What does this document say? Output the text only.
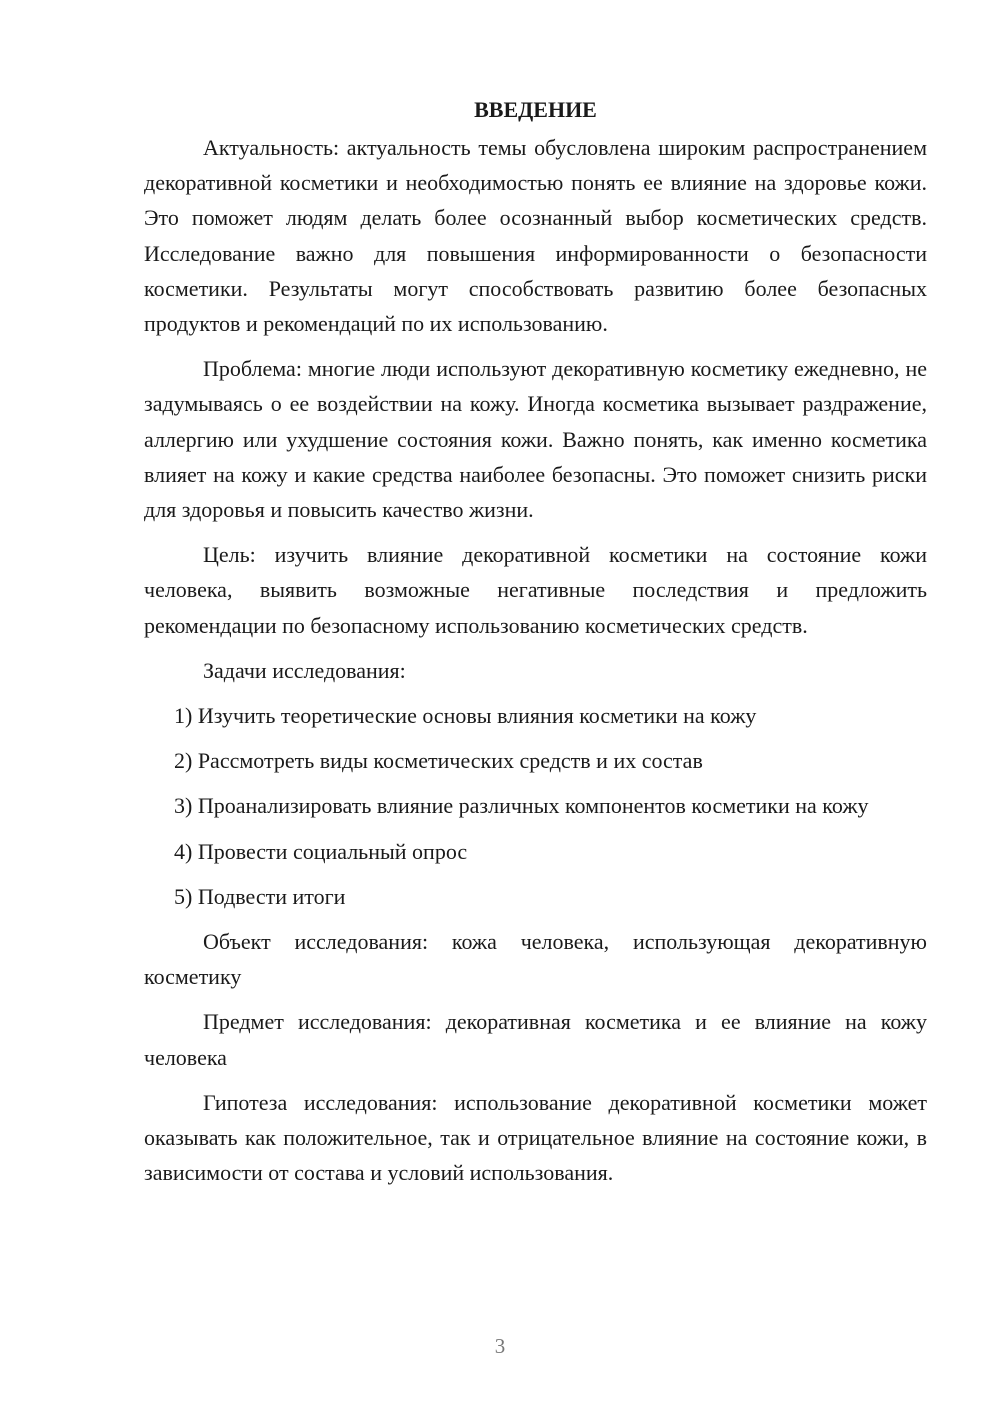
ВВЕДЕНИЕ

Актуальность: актуальность темы обусловлена широким распространением декоративной косметики и необходимостью понять ее влияние на здоровье кожи. Это поможет людям делать более осознанный выбор косметических средств. Исследование важно для повышения информированности о безопасности косметики. Результаты могут способствовать развитию более безопасных продуктов и рекомендаций по их использованию.

Проблема: многие люди используют декоративную косметику ежедневно, не задумываясь о ее воздействии на кожу. Иногда косметика вызывает раздражение, аллергию или ухудшение состояния кожи. Важно понять, как именно косметика влияет на кожу и какие средства наиболее безопасны. Это поможет снизить риски для здоровья и повысить качество жизни.

Цель: изучить влияние декоративной косметики на состояние кожи человека, выявить возможные негативные последствия и предложить рекомендации по безопасному использованию косметических средств.

Задачи исследования:

1) Изучить теоретические основы влияния косметики на кожу

2) Рассмотреть виды косметических средств и их состав

3) Проанализировать влияние различных компонентов косметики на кожу

4) Провести социальный опрос

5) Подвести итоги

Объект исследования: кожа человека, использующая декоративную косметику

Предмет исследования: декоративная косметика и ее влияние на кожу человека

Гипотеза исследования: использование декоративной косметики может оказывать как положительное, так и отрицательное влияние на состояние кожи, в зависимости от состава и условий использования.

3
